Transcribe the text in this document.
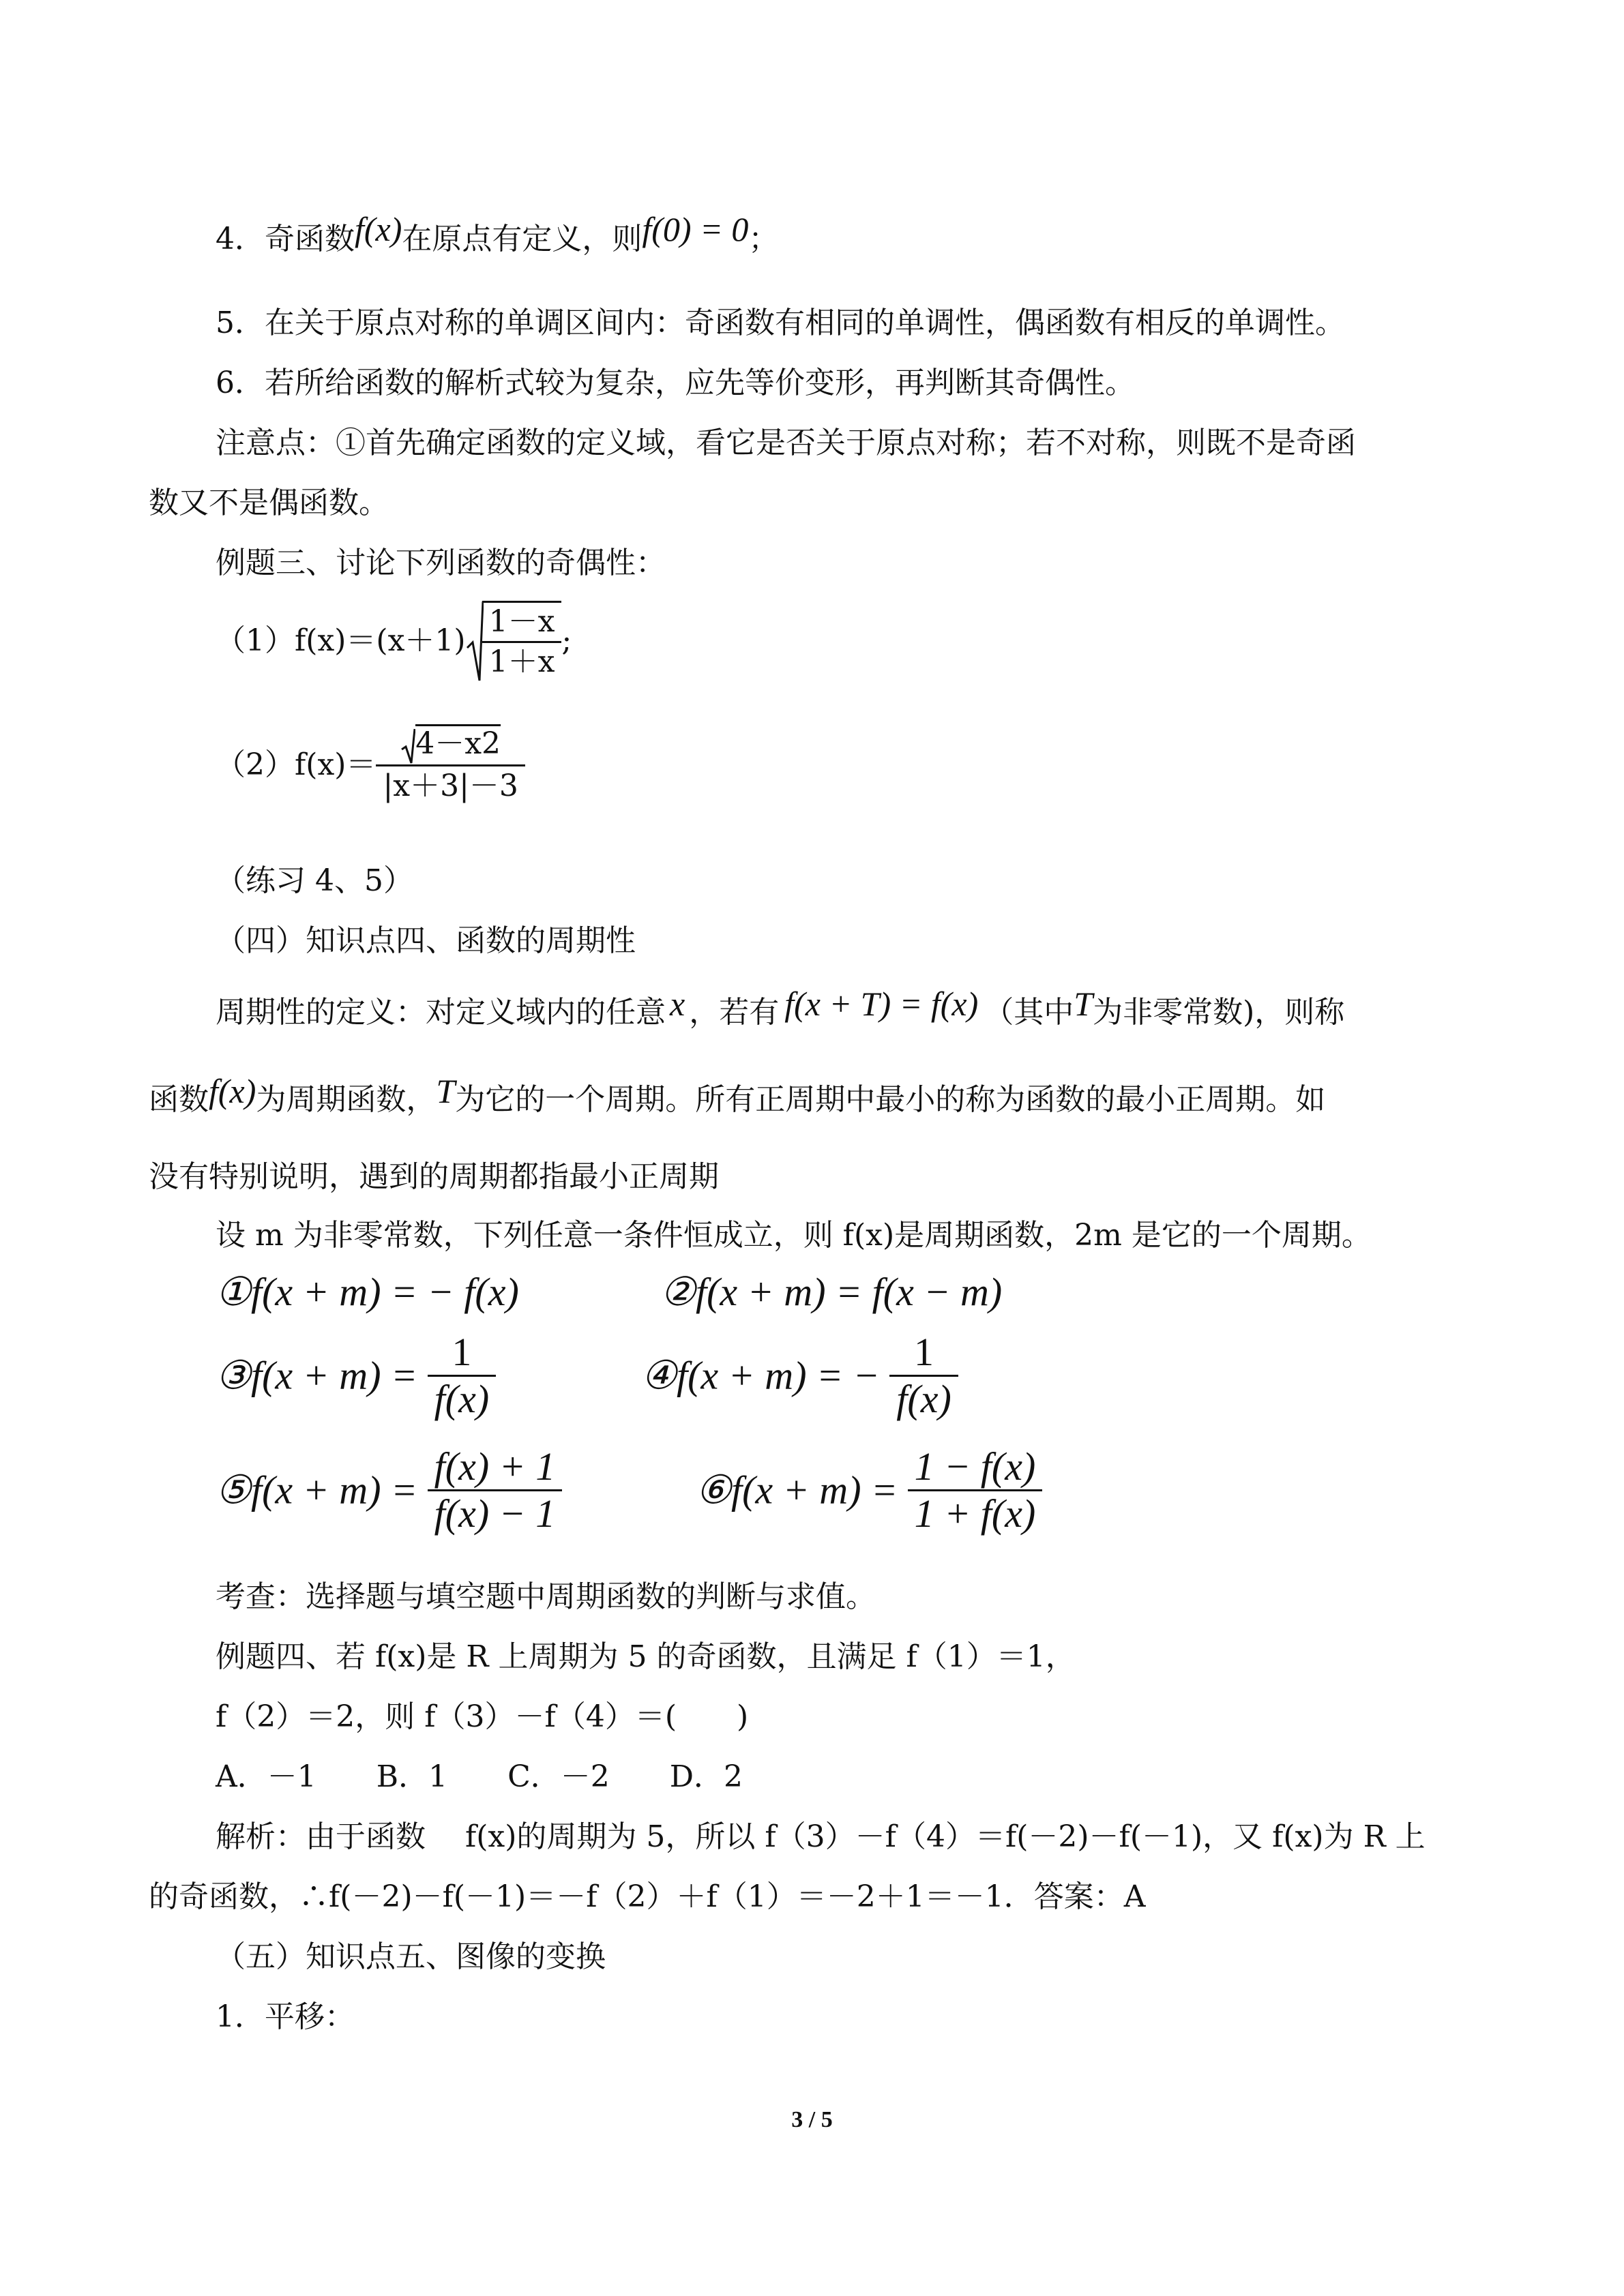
4．奇函数f(x)在原点有定义，则f(0) = 0；
5．在关于原点对称的单调区间内：奇函数有相同的单调性，偶函数有相反的单调性。
6．若所给函数的解析式较为复杂，应先等价变形，再判断其奇偶性。
注意点：①首先确定函数的定义域，看它是否关于原点对称；若不对称，则既不是奇函
数又不是偶函数。
例题三、讨论下列函数的奇偶性：
$(1)f(x)=(x+1) \frac{1-x}{1+x}$ ;
$(2)f(x)= \frac{4-x2}{|x+3|-3}$
（练习 4、5）
（四）知识点四、函数的周期性
周期性的定义：对定义域内的任意 x ，若有 f(x + T) = f(x) （其中T为非零常数)，则称
函数f(x)为周期函数，T为它的一个周期。所有正周期中最小的称为函数的最小正周期。如
没有特别说明，遇到的周期都指最小正周期
设 m 为非零常数，下列任意一条件恒成立，则 f(x)是周期函数，2m 是它的一个周期。
①f(x + m) = − f(x)	②f(x + m) = f(x − m)
③f(x + $m) = \frac{1}{f(x)}$	④f(x + m) = − $\frac{1}{f(x)}$
⑤f(x + $m) = \frac{f(x) + 1}{f(x) - 1}$	⑥f(x + $m) = \frac{1 - f(x)}{1 + f(x)}$
考查：选择题与填空题中周期函数的判断与求值。
例题四、若 f(x)是 R 上周期为 5 的奇函数，且满足 f（1）＝1，
f（2）＝2，则 f（3）－f（4）＝(　　)
A．－1　　B．1　　C．－2　　D．2
解析：由于函数　 f(x)的周期为 5，所以 f（3）－f（4）＝f(－2)－f(－1)，又 f(x)为 R 上
的奇函数，∴f(－2)－f(－1)＝－f（2）＋f（1）＝－2＋1＝－1．答案：A
（五）知识点五、图像的变换
1．平移：
3 / 5
